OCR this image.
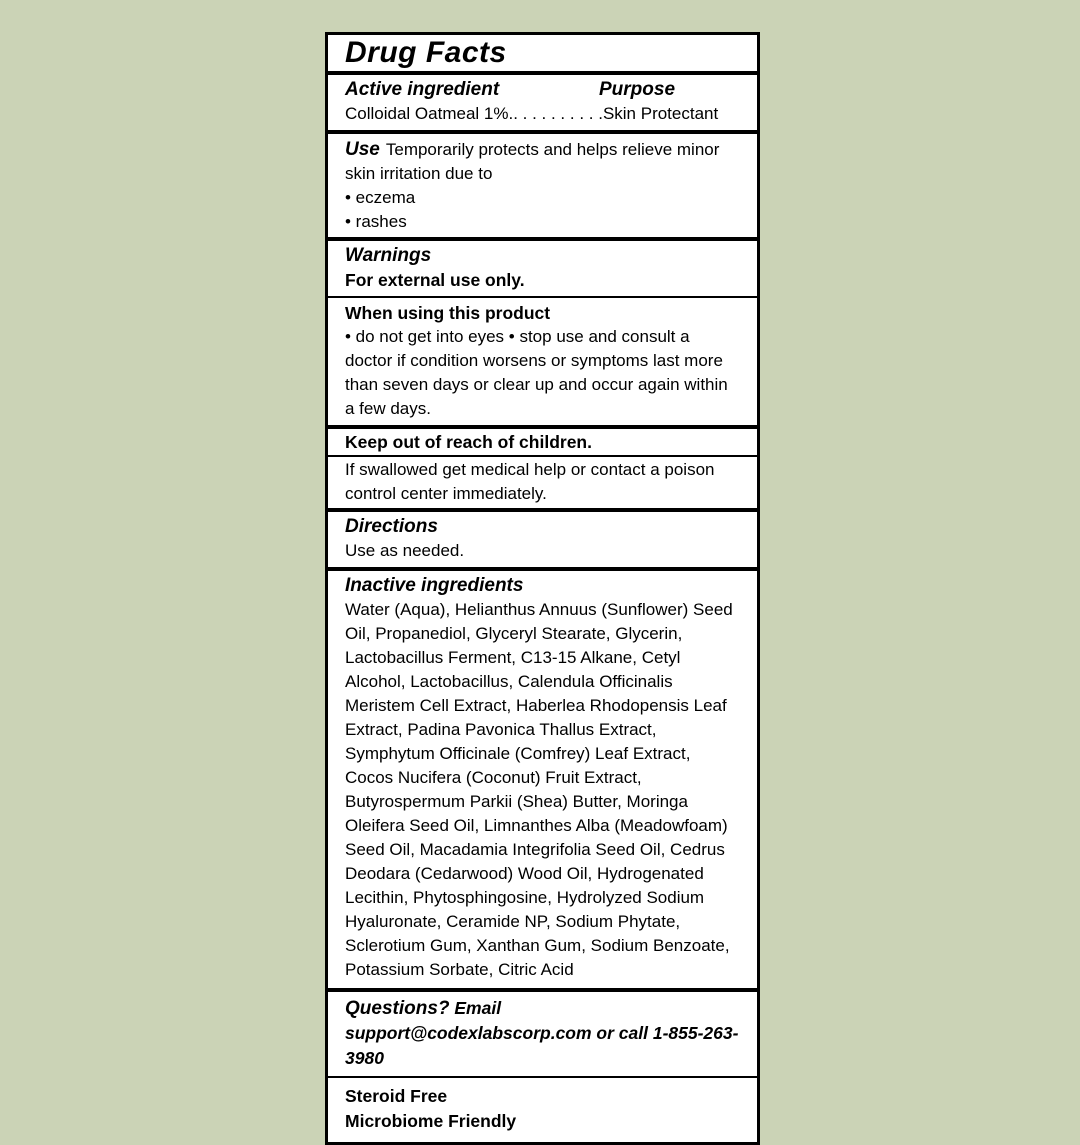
Drug Facts
Active ingredient	Purpose
Colloidal Oatmeal 1%.. . . . . . . . . .Skin Protectant
Use Temporarily protects and helps relieve minor skin irritation due to
• eczema
• rashes
Warnings
For external use only.
When using this product
• do not get into eyes • stop use and consult a doctor if condition worsens or symptoms last more than seven days or clear up and occur again within a few days.
Keep out of reach of children.
If swallowed get medical help or contact a poison control center immediately.
Directions
Use as needed.
Inactive ingredients
Water (Aqua), Helianthus Annuus (Sunflower) Seed Oil, Propanediol, Glyceryl Stearate, Glycerin, Lactobacillus Ferment, C13-15 Alkane, Cetyl Alcohol, Lactobacillus, Calendula Officinalis Meristem Cell Extract, Haberlea Rhodopensis Leaf Extract, Padina Pavonica Thallus Extract, Symphytum Officinale (Comfrey) Leaf Extract, Cocos Nucifera (Coconut) Fruit Extract, Butyrospermum Parkii (Shea) Butter, Moringa Oleifera Seed Oil, Limnanthes Alba (Meadowfoam) Seed Oil, Macadamia Integrifolia Seed Oil, Cedrus Deodara (Cedarwood) Wood Oil, Hydrogenated Lecithin, Phytosphingosine, Hydrolyzed Sodium Hyaluronate, Ceramide NP, Sodium Phytate, Sclerotium Gum, Xanthan Gum, Sodium Benzoate, Potassium Sorbate, Citric Acid
Questions? Email support@codexlabscorp.com or call 1-855-263-3980
Steroid Free
Microbiome Friendly
